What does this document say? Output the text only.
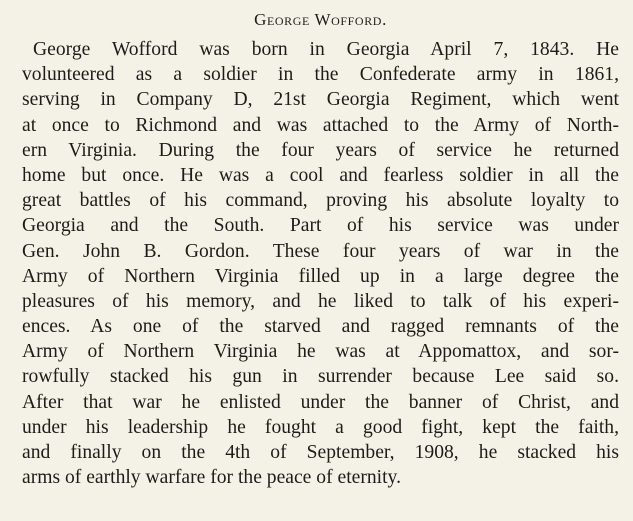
George Wofford.
George Wofford was born in Georgia April 7, 1843. He
volunteered as a soldier in the Confederate army in 1861,
serving in Company D, 21st Georgia Regiment, which went
at once to Richmond and was attached to the Army of North-
ern Virginia. During the four years of service he returned
home but once. He was a cool and fearless soldier in all the
great battles of his command, proving his absolute loyalty to
Georgia and the South. Part of his service was under
Gen. John B. Gordon. These four years of war in the
Army of Northern Virginia filled up in a large degree the
pleasures of his memory, and he liked to talk of his experi-
ences. As one of the starved and ragged remnants of the
Army of Northern Virginia he was at Appomattox, and sor-
rowfully stacked his gun in surrender because Lee said so.
After that war he enlisted under the banner of Christ, and
under his leadership he fought a good fight, kept the faith,
and finally on the 4th of September, 1908, he stacked his
arms of earthly warfare for the peace of eternity.
